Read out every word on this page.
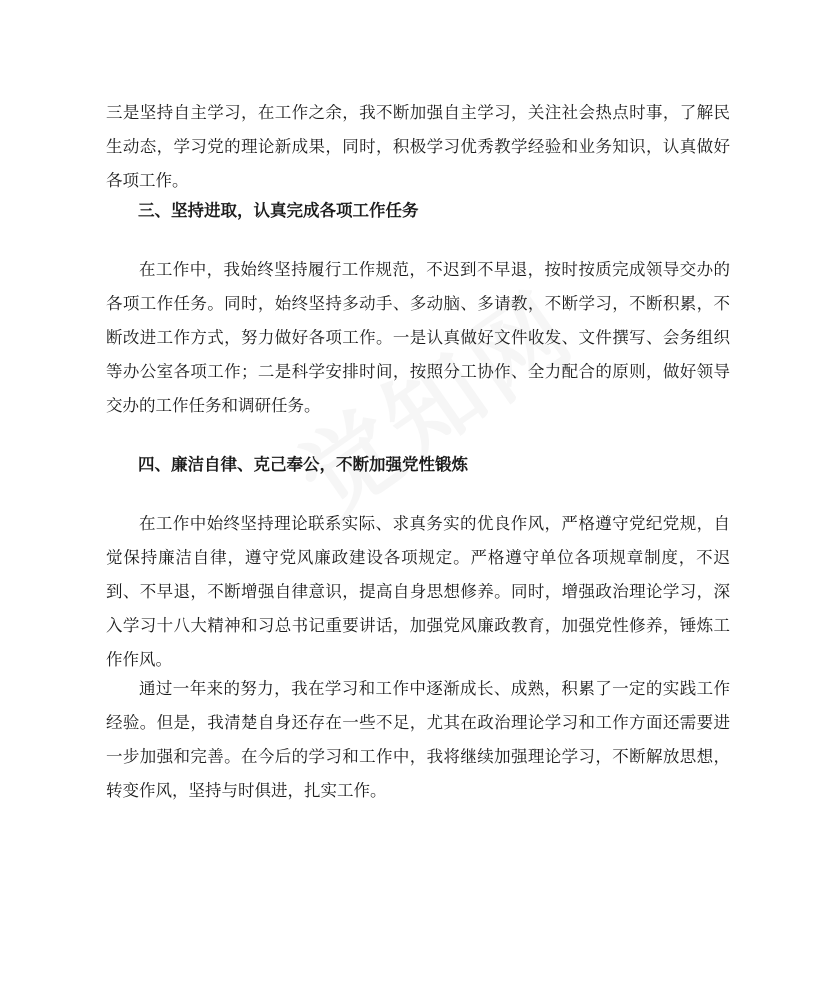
三是坚持自主学习，在工作之余，我不断加强自主学习，关注社会热点时事，了解民生动态，学习党的理论新成果，同时，积极学习优秀教学经验和业务知识，认真做好各项工作。

三、坚持进取，认真完成各项工作任务

在工作中，我始终坚持履行工作规范，不迟到不早退，按时按质完成领导交办的各项工作任务。同时，始终坚持多动手、多动脑、多请教，不断学习，不断积累，不断改进工作方式，努力做好各项工作。一是认真做好文件收发、文件撰写、会务组织等办公室各项工作；二是科学安排时间，按照分工协作、全力配合的原则，做好领导交办的工作任务和调研任务。

四、廉洁自律、克己奉公，不断加强党性锻炼

在工作中始终坚持理论联系实际、求真务实的优良作风，严格遵守党纪党规，自觉保持廉洁自律，遵守党风廉政建设各项规定。严格遵守单位各项规章制度，不迟到、不早退，不断增强自律意识，提高自身思想修养。同时，增强政治理论学习，深入学习十八大精神和习总书记重要讲话，加强党风廉政教育，加强党性修养，锤炼工作作风。

通过一年来的努力，我在学习和工作中逐渐成长、成熟，积累了一定的实践工作经验。但是，我清楚自身还存在一些不足，尤其在政治理论学习和工作方面还需要进一步加强和完善。在今后的学习和工作中，我将继续加强理论学习，不断解放思想，转变作风，坚持与时俱进，扎实工作。
